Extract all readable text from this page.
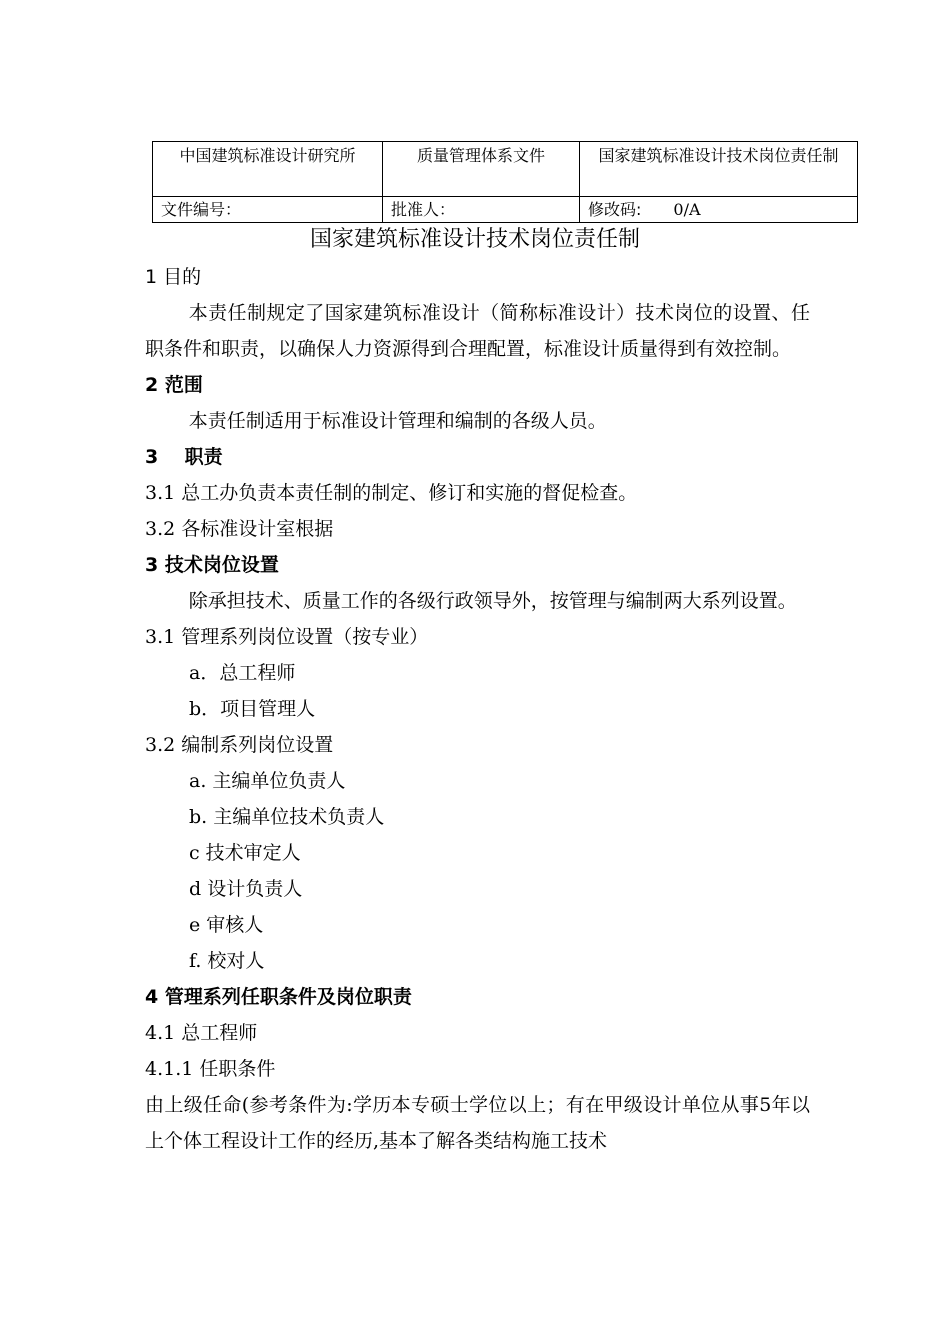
中国建筑标准设计研究所	质量管理体系文件	国家建筑标准设计技术岗位责任制
文件编号：	批准人：	修改码: 0/A
国家建筑标准设计技术岗位责任制

1 目的

本责任制规定了国家建筑标准设计（简称标准设计）技术岗位的设置、任职条件和职责，以确保人力资源得到合理配置，标准设计质量得到有效控制。

2 范围

本责任制适用于标准设计管理和编制的各级人员。

3    职责

3.1 总工办负责本责任制的制定、修订和实施的督促检查。

3.2 各标准设计室根据

3 技术岗位设置

除承担技术、质量工作的各级行政领导外，按管理与编制两大系列设置。

3.1 管理系列岗位设置（按专业）

a．总工程师

b．项目管理人

3.2 编制系列岗位设置

a. 主编单位负责人

b. 主编单位技术负责人

c 技术审定人

d 设计负责人

e 审核人

f. 校对人

4 管理系列任职条件及岗位职责

4.1 总工程师

4.1.1 任职条件

由上级任命(参考条件为:学历本专硕士学位以上；有在甲级设计单位从事5年以上个体工程设计工作的经历,基本了解各类结构施工技术
